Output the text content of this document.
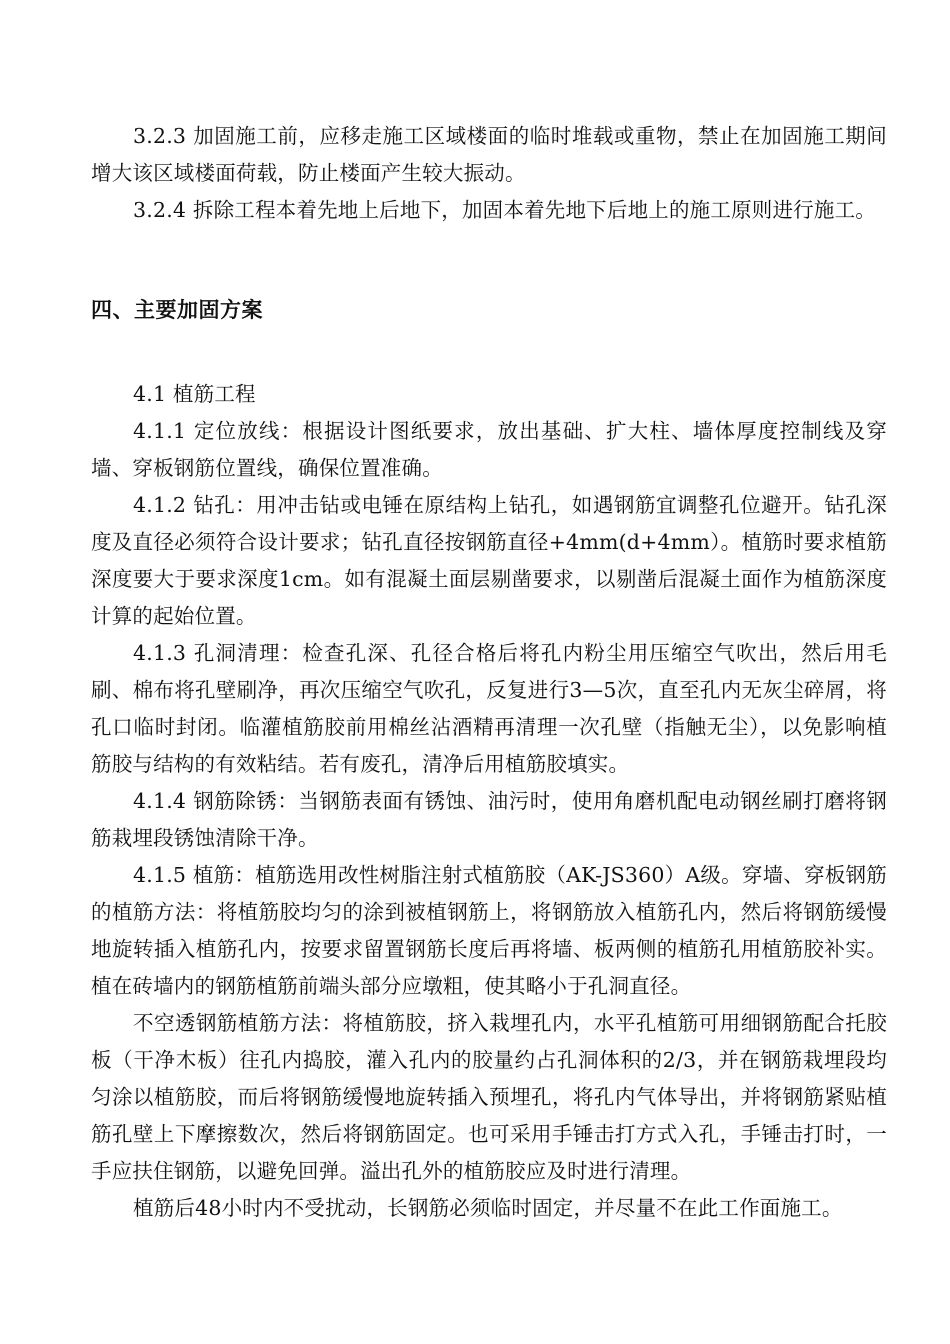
3.2.3 加固施工前，应移走施工区域楼面的临时堆载或重物，禁止在加固施工期间增大该区域楼面荷载，防止楼面产生较大振动。

3.2.4 拆除工程本着先地上后地下，加固本着先地下后地上的施工原则进行施工。

四、主要加固方案

4.1 植筋工程

4.1.1 定位放线：根据设计图纸要求，放出基础、扩大柱、墙体厚度控制线及穿墙、穿板钢筋位置线，确保位置准确。

4.1.2 钻孔：用冲击钻或电锤在原结构上钻孔，如遇钢筋宜调整孔位避开。钻孔深度及直径必须符合设计要求；钻孔直径按钢筋直径+4mm(d+4mm）。植筋时要求植筋深度要大于要求深度1cm。如有混凝土面层剔凿要求，以剔凿后混凝土面作为植筋深度计算的起始位置。

4.1.3 孔洞清理：检查孔深、孔径合格后将孔内粉尘用压缩空气吹出，然后用毛刷、棉布将孔壁刷净，再次压缩空气吹孔，反复进行3—5次，直至孔内无灰尘碎屑，将孔口临时封闭。临灌植筋胶前用棉丝沾酒精再清理一次孔壁（指触无尘），以免影响植筋胶与结构的有效粘结。若有废孔，清净后用植筋胶填实。

4.1.4 钢筋除锈：当钢筋表面有锈蚀、油污时，使用角磨机配电动钢丝刷打磨将钢筋栽埋段锈蚀清除干净。

4.1.5 植筋：植筋选用改性树脂注射式植筋胶（AK-JS360）A级。穿墙、穿板钢筋的植筋方法：将植筋胶均匀的涂到被植钢筋上，将钢筋放入植筋孔内，然后将钢筋缓慢地旋转插入植筋孔内，按要求留置钢筋长度后再将墙、板两侧的植筋孔用植筋胶补实。植在砖墙内的钢筋植筋前端头部分应墩粗，使其略小于孔洞直径。

不空透钢筋植筋方法：将植筋胶，挤入栽埋孔内，水平孔植筋可用细钢筋配合托胶板（干净木板）往孔内捣胶，灌入孔内的胶量约占孔洞体积的2/3，并在钢筋栽埋段均匀涂以植筋胶，而后将钢筋缓慢地旋转插入预埋孔，将孔内气体导出，并将钢筋紧贴植筋孔壁上下摩擦数次，然后将钢筋固定。也可采用手锤击打方式入孔，手锤击打时，一手应扶住钢筋，以避免回弹。溢出孔外的植筋胶应及时进行清理。

植筋后48小时内不受扰动，长钢筋必须临时固定，并尽量不在此工作面施工。
